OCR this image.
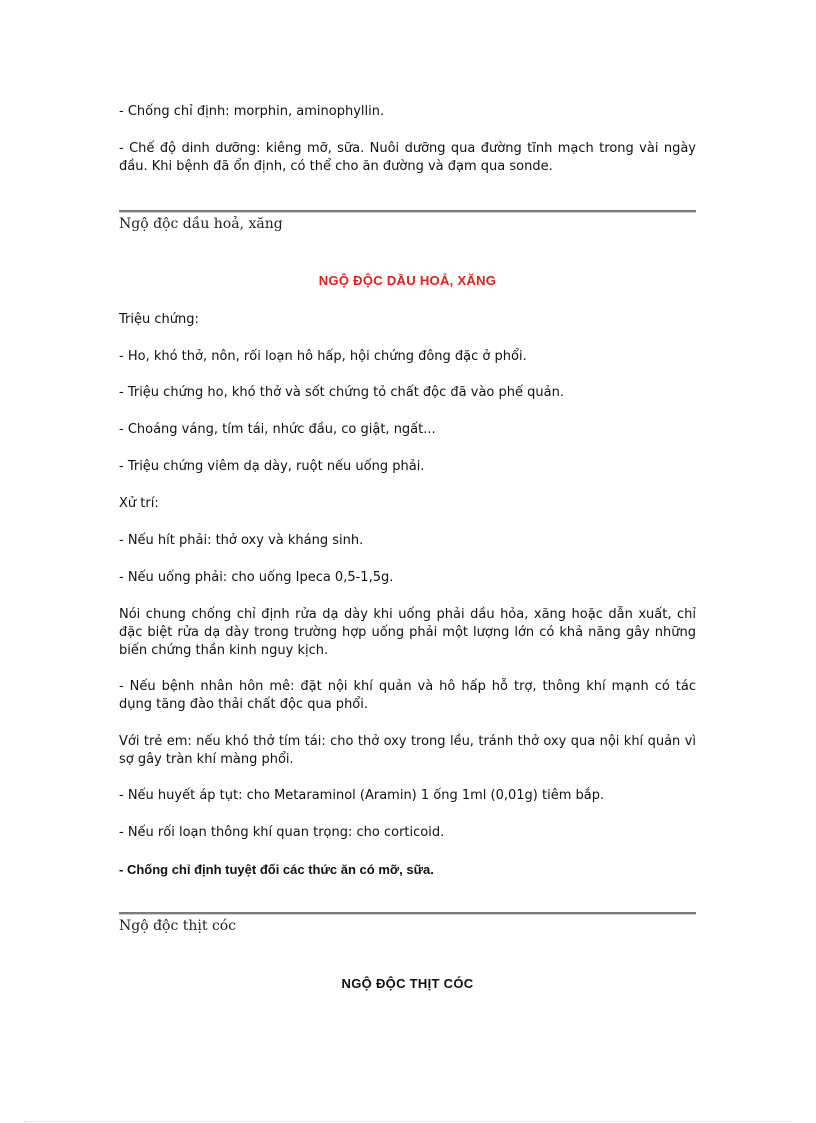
- Chống chỉ định: morphin, aminophyllin.

- Chế độ dinh dưỡng: kiêng mỡ, sữa. Nuôi dưỡng qua đường tĩnh mạch trong vài ngày đầu. Khi bệnh đã ổn định, có thể cho ăn đường và đạm qua sonde.

Ngộ độc dầu hoả, xăng

NGỘ ĐỘC DẦU HOẢ, XĂNG

Triệu chứng:

- Ho, khó thở, nôn, rối loạn hô hấp, hội chứng đông đặc ở phổi.

- Triệu chứng ho, khó thở và sốt chứng tỏ chất độc đã vào phế quản.

- Choáng váng, tím tái, nhức đầu, co giật, ngất...

- Triệu chứng viêm dạ dày, ruột nếu uống phải.

Xử trí:

- Nếu hít phải: thở oxy và kháng sinh.

- Nếu uống phải: cho uống Ipeca 0,5-1,5g.

Nói chung chống chỉ định rửa dạ dày khi uống phải dầu hỏa, xăng hoặc dẫn xuất, chỉ đặc biệt rửa dạ dày trong trường hợp uống phải một lượng lớn có khả năng gây những biến chứng thần kinh nguy kịch.

- Nếu bệnh nhân hôn mê: đặt nội khí quản và hô hấp hỗ trợ, thông khí mạnh có tác dụng tăng đào thải chất độc qua phổi.

Với trẻ em: nếu khó thở tím tái: cho thở oxy trong lều, tránh thở oxy qua nội khí quản vì sợ gây tràn khí màng phổi.

- Nếu huyết áp tụt: cho Metaraminol (Aramin) 1 ống 1ml (0,01g) tiêm bắp.

- Nếu rối loạn thông khí quan trọng: cho corticoid.

- Chống chỉ định tuyệt đối các thức ăn có mỡ, sữa.

Ngộ độc thịt cóc

NGỘ ĐỘC THỊT CÓC
